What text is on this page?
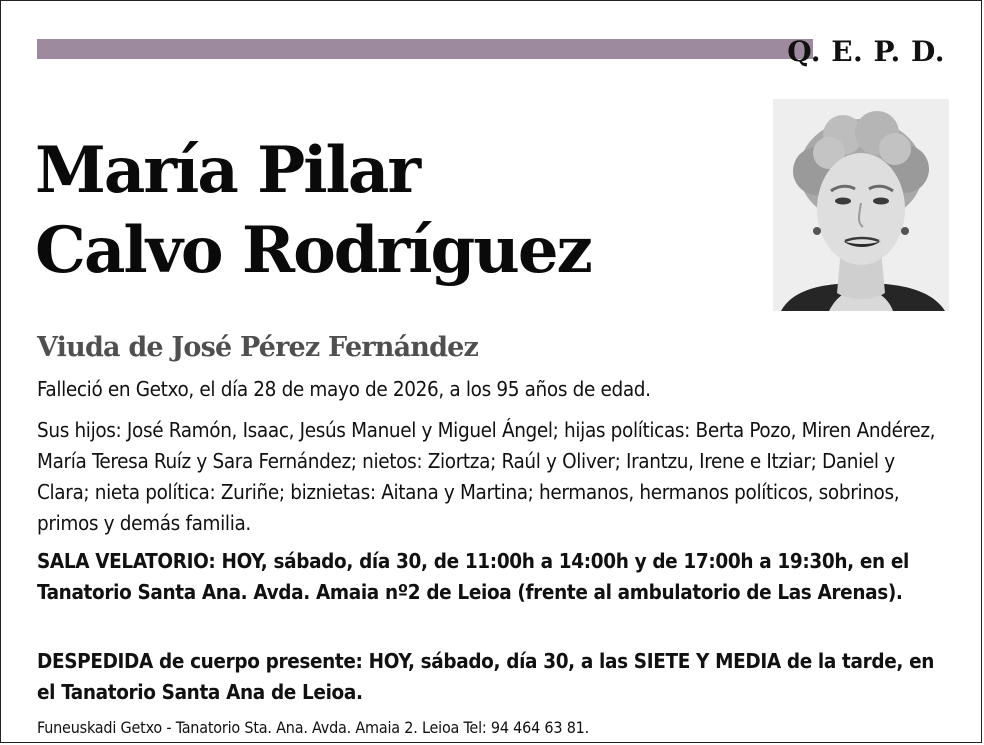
Q. E. P. D.
María Pilar
Calvo Rodríguez
Viuda de José Pérez Fernández

Falleció en Getxo, el día 28 de mayo de 2026, a los 95 años de edad.

Sus hijos: José Ramón, Isaac, Jesús Manuel y Miguel Ángel; hijas políticas: Berta Pozo, Miren Andérez, María Teresa Ruíz y Sara Fernández; nietos: Ziortza; Raúl y Oliver; Irantzu, Irene e Itziar; Daniel y Clara; nieta política: Zuriñe; biznietas: Aitana y Martina; hermanos, hermanos políticos, sobrinos, primos y demás familia.

SALA VELATORIO: HOY, sábado, día 30, de 11:00h a 14:00h y de 17:00h a 19:30h, en el Tanatorio Santa Ana. Avda. Amaia nº2 de Leioa (frente al ambulatorio de Las Arenas).

DESPEDIDA de cuerpo presente: HOY, sábado, día 30, a las SIETE Y MEDIA de la tarde, en el Tanatorio Santa Ana de Leioa.

Funeuskadi Getxo - Tanatorio Sta. Ana. Avda. Amaia 2. Leioa Tel: 94 464 63 81.
